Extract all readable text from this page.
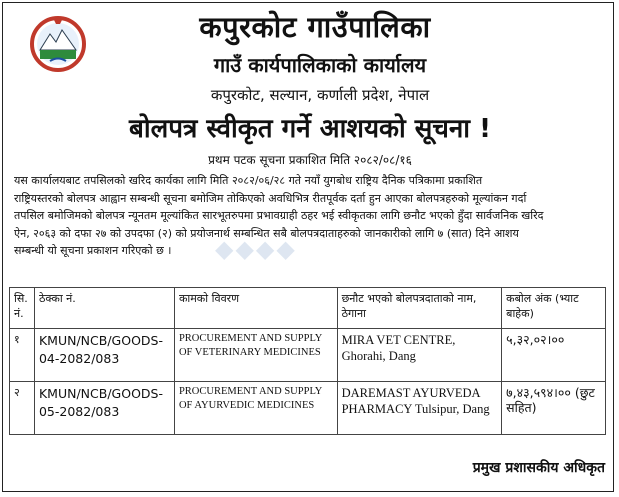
कपुरकोट गाउँपालिका
गाउँ कार्यपालिकाको कार्यालय
कपुरकोट, सल्यान, कर्णाली प्रदेश, नेपाल
बोलपत्र स्वीकृत गर्ने आशयको सूचना !
प्रथम पटक सूचना प्रकाशित मिति २०८२/०८/१६
यस कार्यालयबाट तपसिलको खरिद कार्यका लागि मिति २०८२/०६/२८ गते नयाँ युगबोध राष्ट्रिय दैनिक पत्रिकामा प्रकाशित
राष्ट्रियस्तरको बोलपत्र आह्वान सम्बन्धी सूचना बमोजिम तोकिएको अवधिभित्र रीतपूर्वक दर्ता हुन आएका बोलपत्रहरुको मूल्यांकन गर्दा
तपसिल बमोजिमको बोलपत्र न्यूनतम मूल्यांकित सारभूतरुपमा प्रभावग्राही ठहर भई स्वीकृतका लागि छनौट भएको हुँदा सार्वजनिक खरिद
ऐन, २०६३ को दफा २७ को उपदफा (२) को प्रयोजनार्थ सम्बन्धित सबै बोलपत्रदाताहरुको जानकारीको लागि ७ (सात) दिने आशय
सम्बन्धी यो सूचना प्रकाशन गरिएको छ ।	◆◆◆◆
सि. नं.	ठेक्का नं.	कामको विवरण	छनौट भएको बोलपत्रदाताको नाम, ठेगाना	कबोल अंक (भ्याट बाहेक)
१	KMUN/NCB/GOODS-04-2082/083	PROCUREMENT AND SUPPLY OF VETERINARY MEDICINES	MIRA VET CENTRE, Ghorahi, Dang	५,३२,०२।००
२	KMUN/NCB/GOODS-05-2082/083	PROCUREMENT AND SUPPLY OF AYURVEDIC MEDICINES	DAREMAST AYURVEDA PHARMACY Tulsipur, Dang	७,४३,५९४।०० (छुट सहित)
प्रमुख प्रशासकीय अधिकृत
